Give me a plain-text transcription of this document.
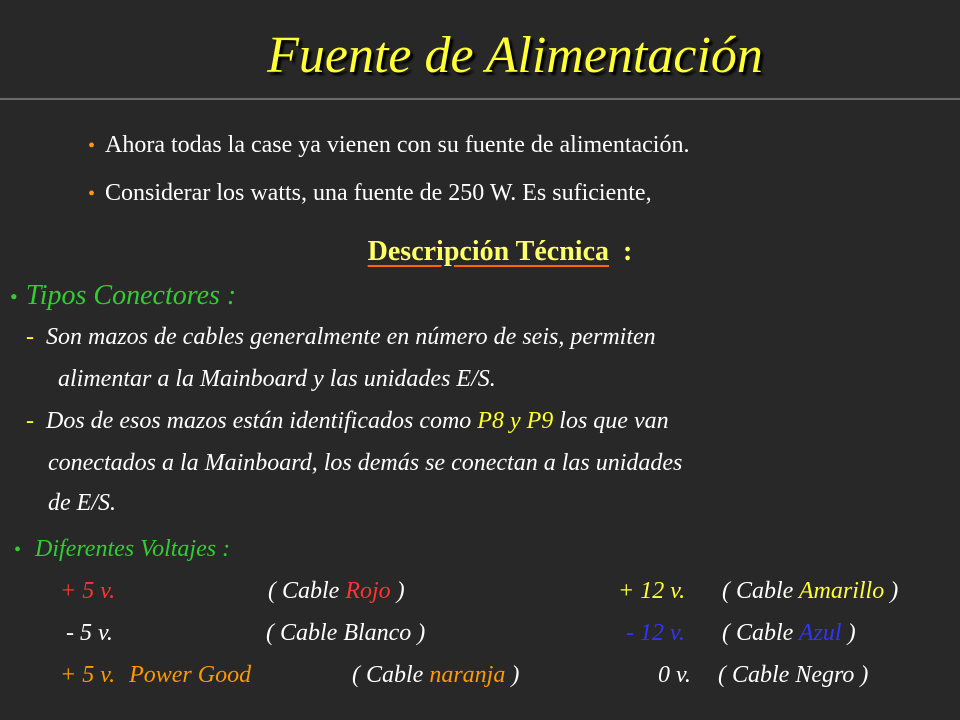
Fuente de Alimentación
• Ahora todas la case ya vienen con su fuente de alimentación.
• Considerar los watts, una fuente de 250 W. Es suficiente,
Descripción Técnica :
• Tipos Conectores :
- Son mazos de cables generalmente en número de seis, permiten
alimentar a la Mainboard y las unidades E/S.
- Dos de esos mazos están identificados como P8 y P9 los que van
conectados a la Mainboard, los demás se conectan a las unidades
de E/S.
• Diferentes Voltajes :
+ 5 v.	( Cable Rojo )	+ 12 v. ( Cable Amarillo )
- 5 v.	( Cable Blanco )	- 12 v. ( Cable Azul )
+ 5 v. Power Good	( Cable naranja )	0 v. ( Cable Negro )
